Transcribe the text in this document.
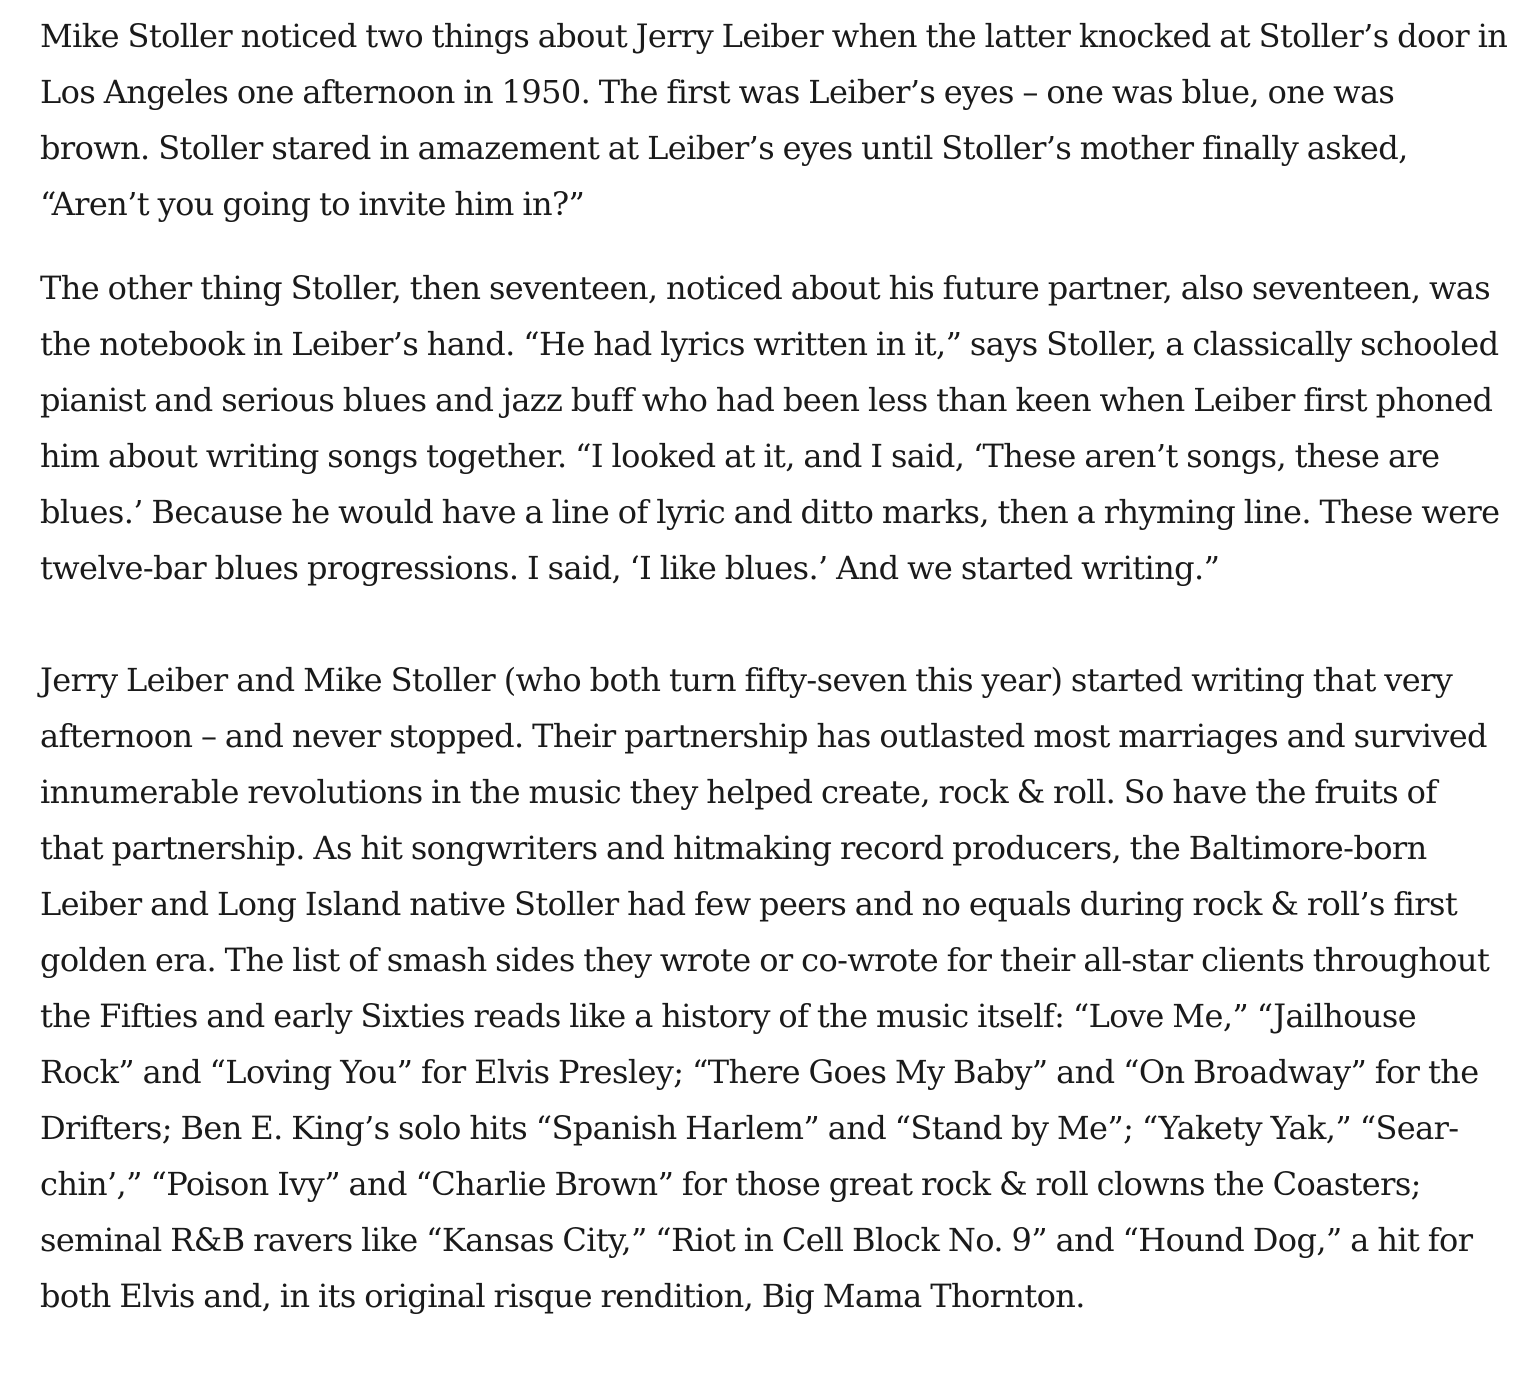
Mike Stoller noticed two things about Jerry Leiber when the latter knocked at Stoller’s door in Los Angeles one afternoon in 1950. The first was Leiber’s eyes – one was blue, one was brown. Stoller stared in amazement at Leiber’s eyes until Stoller’s mother finally asked, “Aren’t you going to invite him in?”

The other thing Stoller, then seventeen, noticed about his future partner, also seventeen, was the notebook in Leiber’s hand. “He had lyrics written in it,” says Stoller, a classically schooled pianist and serious blues and jazz buff who had been less than keen when Leiber first phoned him about writing songs together. “I looked at it, and I said, ‘These aren’t songs, these are blues.’ Because he would have a line of lyric and ditto marks, then a rhyming line. These were twelve-bar blues progressions. I said, ‘I like blues.’ And we started writing.”

Jerry Leiber and Mike Stoller (who both turn fifty-seven this year) started writing that very afternoon – and never stopped. Their partnership has outlasted most marriages and survived innumerable revolutions in the music they helped create, rock & roll. So have the fruits of that partnership. As hit songwriters and hitmaking record producers, the Baltimore-born Leiber and Long Island native Stoller had few peers and no equals during rock & roll’s first golden era. The list of smash sides they wrote or co-wrote for their all-star clients throughout the Fifties and early Sixties reads like a history of the music itself: “Love Me,” “Jailhouse Rock” and “Loving You” for Elvis Presley; “There Goes My Baby” and “On Broadway” for the Drifters; Ben E. King’s solo hits “Spanish Harlem” and “Stand by Me”; “Yakety Yak,” “Sear-chin’,” “Poison Ivy” and “Charlie Brown” for those great rock & roll clowns the Coasters; seminal R&B ravers like “Kansas City,” “Riot in Cell Block No. 9” and “Hound Dog,” a hit for both Elvis and, in its original risque rendition, Big Mama Thornton.
